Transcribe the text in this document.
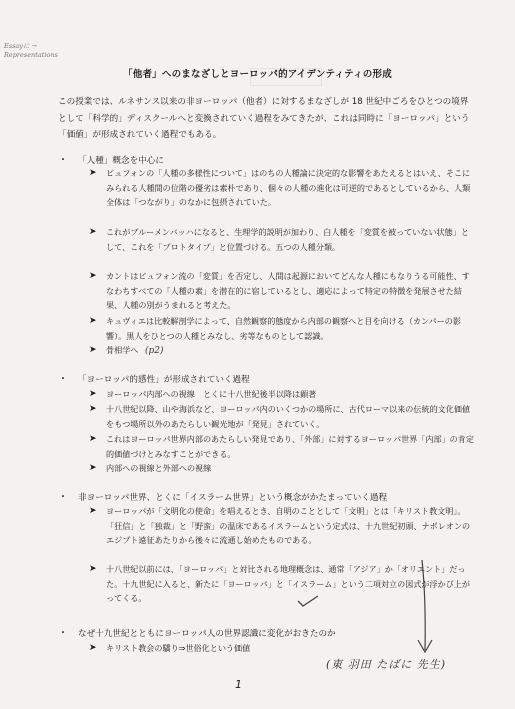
Essayに → Representations
「他者」へのまなざしとヨーロッパ的アイデンティティの形成
この授業では、ルネサンス以来の非ヨーロッパ（他者）に対するまなざしが 18 世紀中ごろをひとつの境界として「科学的」ディスクールへと変換されていく過程をみてきたが、これは同時に「ヨーロッパ」という「価値」が形成されていく過程でもある。
・ 「人種」概念を中心に
➤ ビュフォンの「人種の多様性について」はのちの人種論に決定的な影響をあたえるとはいえ、そこにみられる人種間の位階の優劣は素朴であり、個々の人種の進化は可逆的であるとしているから、人類全体は「つながり」のなかに包摂されていた。
➤ これがブルーメンバッハになると、生理学的説明が加わり、白人種を「変質を被っていない状態」として、これを「プロトタイプ」と位置づける。五つの人種分類。
➤ カントはビュフォン流の「変質」を否定し、人間は起源においてどんな人種にもなりうる可能性、すなわちすべての「人種の素」を潜在的に宿しているとし、適応によって特定の特徴を発展させた結果、人種の別がうまれると考えた。
➤ キュヴィエは比較解剖学によって、自然観察的態度から内部の観察へと目を向ける（カンパーの影響）。黒人をひとつの人種とみなし、劣等なものとして認識。
➤ 骨相学へ (p2)
・ 「ヨーロッパ的感性」が形成されていく過程
➤ ヨーロッパ内部への視線　とくに十八世紀後半以降は顕著
➤ 十八世紀以降、山や海浜など、ヨーロッパ内のいくつかの場所に、古代ローマ以来の伝統的文化価値をもつ場所以外のあたらしい観光地が「発見」されていく。
➤ これはヨーロッパ世界内部のあたらしい発見であり、「外部」に対するヨーロッパ世界「内部」の肯定的価値づけとみなすことができる。
➤ 内部への視線と外部への視線
・ 非ヨーロッパ世界、とくに「イスラーム世界」という概念がかたまっていく過程
➤ ヨーロッパが「文明化の使命」を唱えるとき、自明のこととして「文明」とは「キリスト教文明」。「狂信」と「独裁」と「野蛮」の温床であるイスラームという定式は、十九世紀初頭、ナポレオンのエジプト遠征あたりから後々に流通し始めたものである。
➤ 十八世紀以前には、「ヨーロッパ」と対比される地理概念は、通常「アジア」か「オリエント」だった。十九世紀に入ると、新たに「ヨーロッパ」と「イスラーム」という二項対立の図式が浮かび上がってくる。
・ なぜ十九世紀とともにヨーロッパ人の世界認識に変化がおきたのか
➤ キリスト教会の驕り⇒世俗化という価値
(東 羽田 たばに 先生)
1
